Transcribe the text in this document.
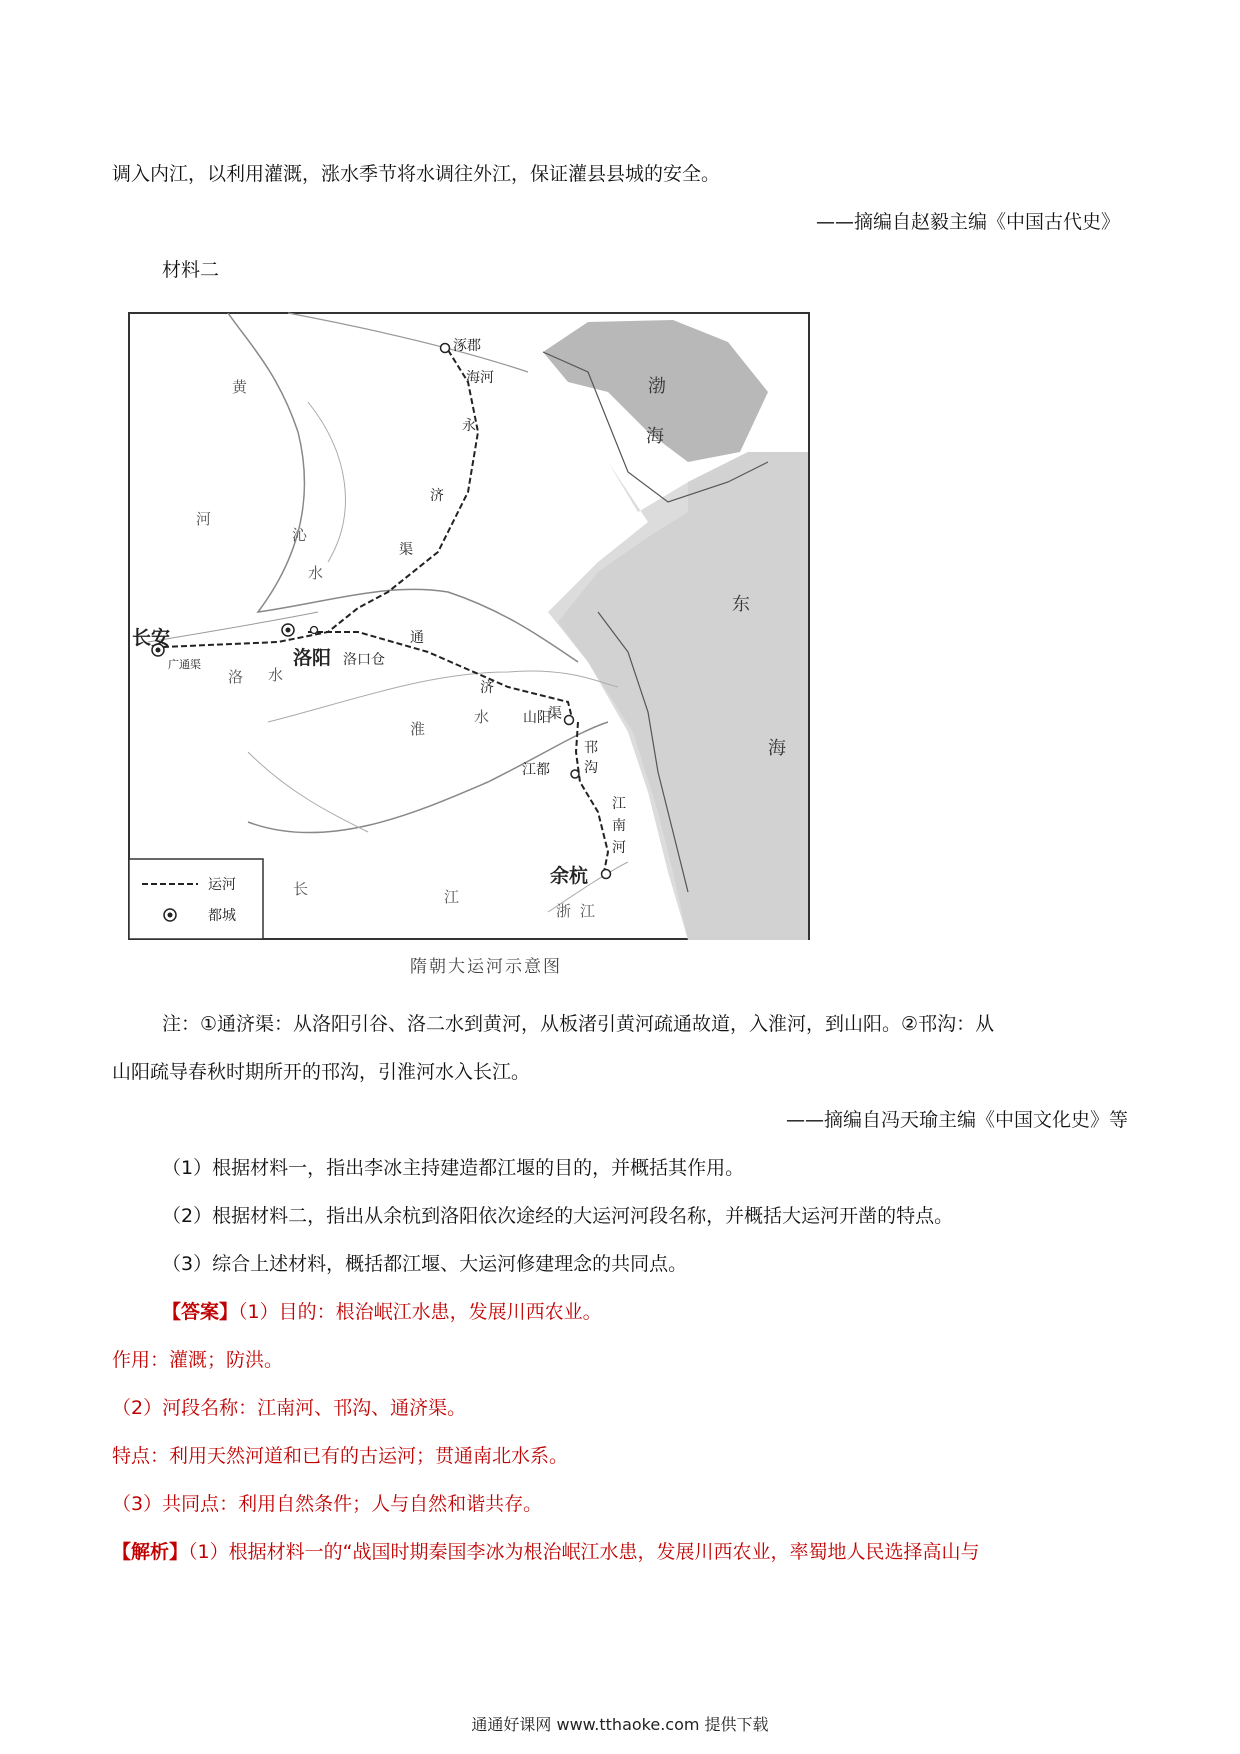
调入内江，以利用灌溉，涨水季节将水调往外江，保证灌县县城的安全。
——摘编自赵毅主编《中国古代史》
材料二
长安
洛阳 洛口仓
涿郡
山阳
江都
余杭
海河
永
济
渠
通
济
渠
邗
沟
江
南
河
广通渠
黄
河
沁
水
洛 水
淮
水
长	江
浙 江
渤
海
东
海
运河
都城
隋朝大运河示意图
注：①通济渠：从洛阳引谷、洛二水到黄河，从板渚引黄河疏通故道，入淮河，到山阳。②邗沟：从
山阳疏导春秋时期所开的邗沟，引淮河水入长江。
——摘编自冯天瑜主编《中国文化史》等
（1）根据材料一，指出李冰主持建造都江堰的目的，并概括其作用。
（2）根据材料二，指出从余杭到洛阳依次途经的大运河河段名称，并概括大运河开凿的特点。
（3）综合上述材料，概括都江堰、大运河修建理念的共同点。
【答案】（1）目的：根治岷江水患，发展川西农业。
作用：灌溉；防洪。
（2）河段名称：江南河、邗沟、通济渠。
特点：利用天然河道和已有的古运河；贯通南北水系。
（3）共同点：利用自然条件；人与自然和谐共存。
【解析】（1）根据材料一的“战国时期秦国李冰为根治岷江水患，发展川西农业，率蜀地人民选择高山与
通通好课网 www.tthaoke.com 提供下载
